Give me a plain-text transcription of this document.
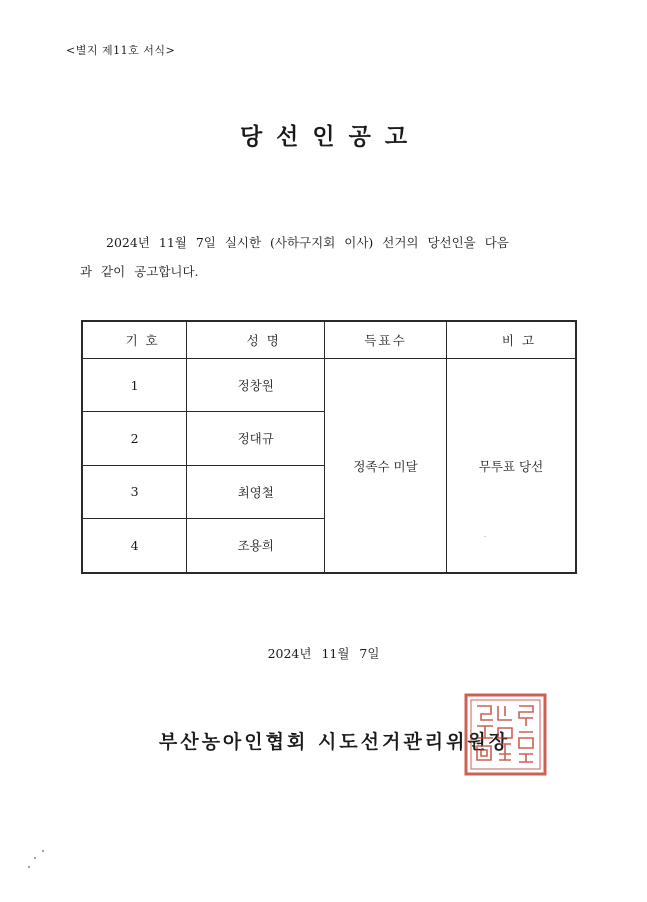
<별지 제11호 서식>
당선인공고
2024년 11월 7일 실시한 (사하구지회 이사) 선거의 당선인을 다음
과 같이 공고합니다.
기 호	성 명	득표수	비 고
1	정창원	정족수 미달	무투표 당선
2	정대규		
3	최영철		
4	조용희		
·
2024년 11월 7일
부산농아인협회 시도선거관리위원장
